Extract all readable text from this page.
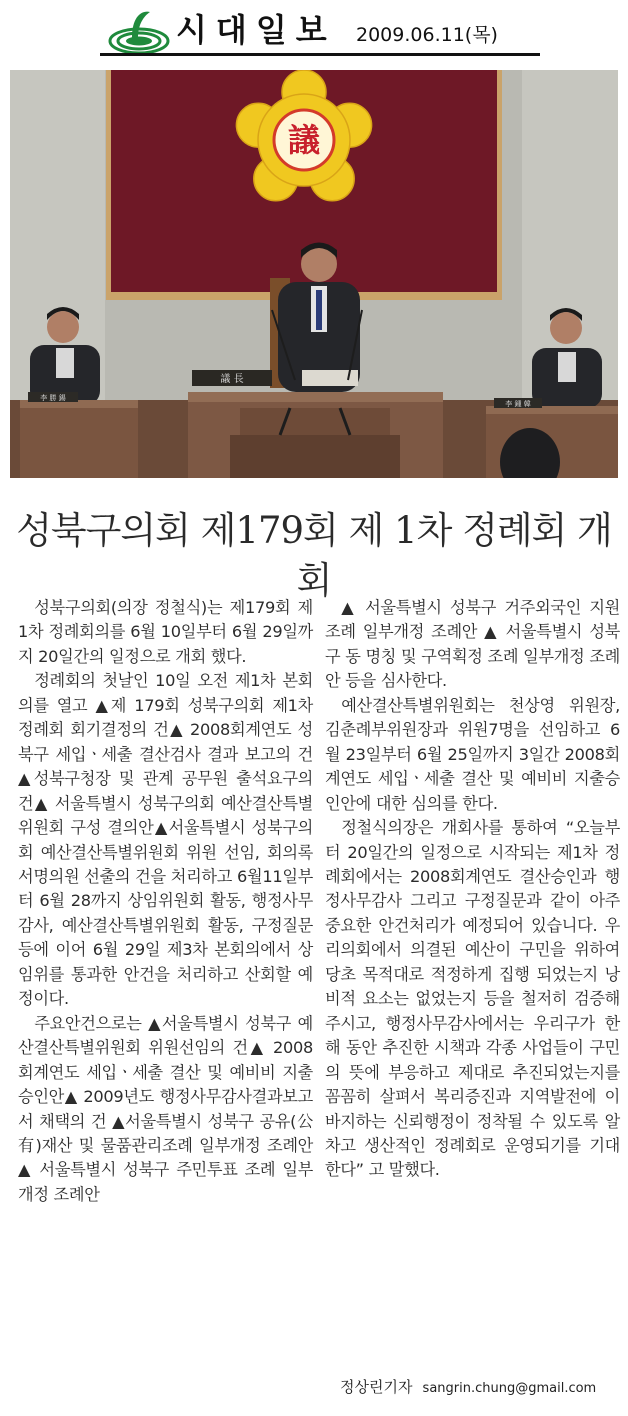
시대일보 2009.06.11(목)
議
李 勝 錫
議 長
李 鍾 韓
성북구의회 제179회 제 1차 정례회 개회

성북구의회(의장 정철식)는 제179회 제1차 정례회의를 6월 10일부터 6월 29일까지 20일간의 일정으로 개회 했다.

정례회의 첫날인 10일 오전 제1차 본회의를 열고 ▲제 179회 성북구의회 제1차 정례회 회기결정의 건▲ 2008회계연도 성북구 세입ㆍ세출 결산검사 결과 보고의 건▲성북구청장 및 관계 공무원 출석요구의 건▲ 서울특별시 성북구의회 예산결산특별위원회 구성 결의안▲서울특별시 성북구의회 예산결산특별위원회 위원 선임, 회의록 서명의원 선출의 건을 처리하고 6월11일부터 6월 28까지 상임위원회 활동, 행정사무감사, 예산결산특별위원회 활동, 구정질문 등에 이어 6월 29일 제3차 본회의에서 상임위를 통과한 안건을 처리하고 산회할 예정이다.

주요안건으로는 ▲서울특별시 성북구 예산결산특별위원회 위원선임의 건▲ 2008회계연도 세입ㆍ세출 결산 및 예비비 지출승인안▲ 2009년도 행정사무감사결과보고서 채택의 건 ▲서울특별시 성북구 공유(公有)재산 및 물품관리조례 일부개정 조례안 ▲ 서울특별시 성북구 주민투표 조례 일부개정 조례안

▲ 서울특별시 성북구 거주외국인 지원 조례 일부개정 조례안 ▲ 서울특별시 성북구 동 명칭 및 구역획정 조례 일부개정 조례안 등을 심사한다.

예산결산특별위원회는 천상영 위원장, 김춘례부위원장과 위원7명을 선임하고 6월 23일부터 6월 25일까지 3일간 2008회계연도 세입ㆍ세출 결산 및 예비비 지출승인안에 대한 심의를 한다.

정철식의장은 개회사를 통하여 “오늘부터 20일간의 일정으로 시작되는 제1차 정례회에서는 2008회계연도 결산승인과 행정사무감사 그리고 구정질문과 같이 아주 중요한 안건처리가 예정되어 있습니다. 우리의회에서 의결된 예산이 구민을 위하여 당초 목적대로 적정하게 집행 되었는지 낭비적 요소는 없었는지 등을 철저히 검증해주시고, 행정사무감사에서는 우리구가 한 해 동안 추진한 시책과 각종 사업들이 구민의 뜻에 부응하고 제대로 추진되었는지를 꼼꼼히 살펴서 복리증진과 지역발전에 이바지하는 신뢰행정이 정착될 수 있도록 알차고 생산적인 정례회로 운영되기를 기대한다” 고 말했다.

정상린기자 sangrin.chung@gmail.com
